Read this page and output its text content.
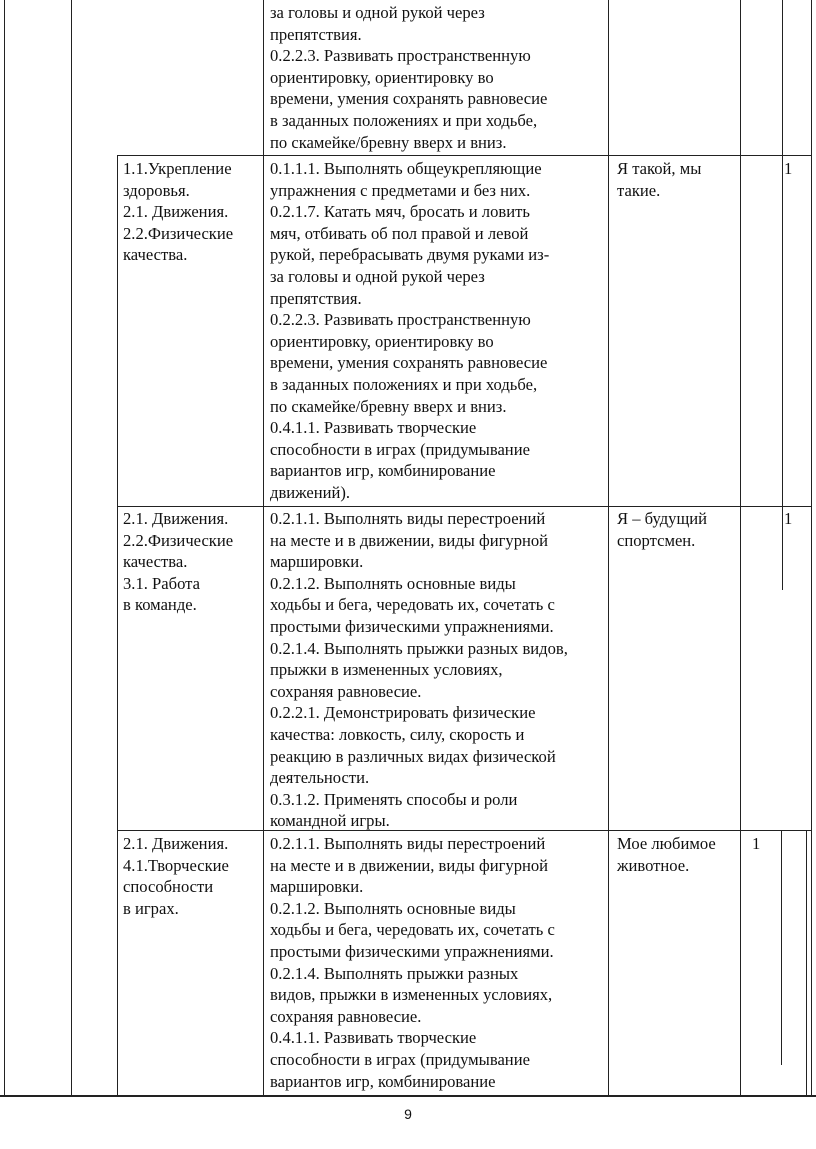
за головы и одной рукой через
препятствия.
0.2.2.3. Развивать пространственную
ориентировку, ориентировку во
времени, умения сохранять равновесие
в заданных положениях и при ходьбе,
по скамейке/бревну вверх и вниз.
1.1.Укрепление
здоровья.
2.1. Движения.
2.2.Физические
качества.
0.1.1.1. Выполнять общеукрепляющие
упражнения с предметами и без них.
0.2.1.7. Катать мяч, бросать и ловить
мяч, отбивать об пол правой и левой
рукой, перебрасывать двумя руками из-
за головы и одной рукой через
препятствия.
0.2.2.3. Развивать пространственную
ориентировку, ориентировку во
времени, умения сохранять равновесие
в заданных положениях и при ходьбе,
по скамейке/бревну вверх и вниз.
0.4.1.1. Развивать творческие
способности в играх (придумывание
вариантов игр, комбинирование
движений).
Я такой, мы
такие.
1
2.1. Движения.
2.2.Физические
качества.
3.1. Работа
в команде.
0.2.1.1. Выполнять виды перестроений
на месте и в движении, виды фигурной
маршировки.
0.2.1.2. Выполнять основные виды
ходьбы и бега, чередовать их, сочетать с
простыми физическими упражнениями.
0.2.1.4. Выполнять прыжки разных видов,
прыжки в измененных условиях,
сохраняя равновесие.
0.2.2.1. Демонстрировать физические
качества: ловкость, силу, скорость и
реакцию в различных видах физической
деятельности.
0.3.1.2. Применять способы и роли
командной игры.
Я – будущий
спортсмен.
1
2.1. Движения.
4.1.Творческие
способности
в играх.
0.2.1.1. Выполнять виды перестроений
на месте и в движении, виды фигурной
маршировки.
0.2.1.2. Выполнять основные виды
ходьбы и бега, чередовать их, сочетать с
простыми физическими упражнениями.
0.2.1.4. Выполнять прыжки разных
видов, прыжки в измененных условиях,
сохраняя равновесие.
0.4.1.1. Развивать творческие
способности в играх (придумывание
вариантов игр, комбинирование
Мое любимое
животное.
1
9
